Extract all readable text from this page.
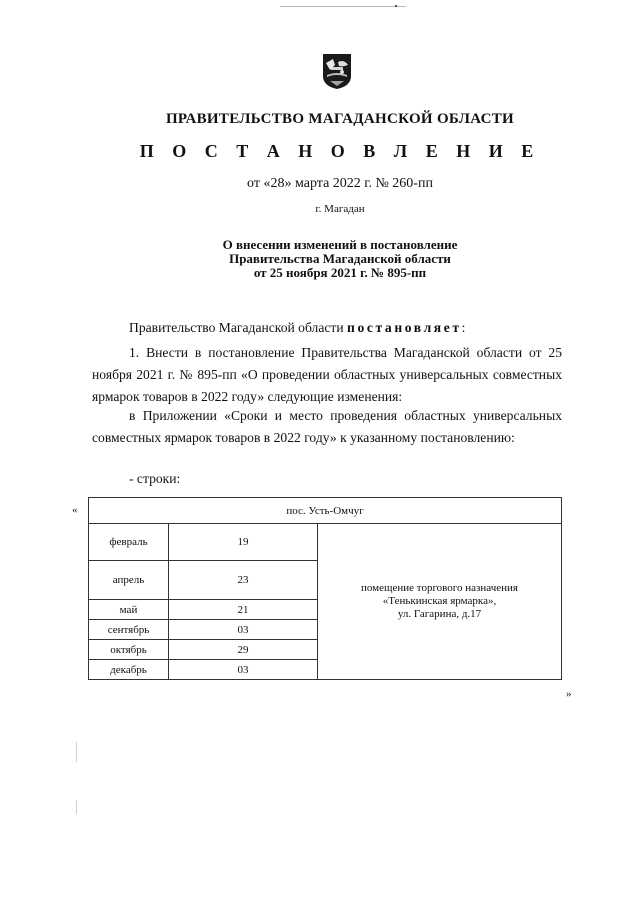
ПРАВИТЕЛЬСТВО МАГАДАНСКОЙ ОБЛАСТИ
П О С Т А Н О В Л Е Н И Е
от «28» марта 2022 г. № 260-пп
г. Магадан
О внесении изменений в постановление
Правительства Магаданской области
от 25 ноября 2021 г. № 895-пп
Правительство Магаданской области постановляет:
1. Внести в постановление Правительства Магаданской области от 25 ноября 2021 г. № 895-пп «О проведении областных универсальных совместных ярмарок товаров в 2022 году» следующие изменения:
в Приложении «Сроки и место проведения областных универсальных совместных ярмарок товаров в 2022 году» к указанному постановлению:
- строки:
«
»
пос. Усть-Омчуг		
февраль	19	помещение торгового назначения
«Тенькинская ярмарка»,
ул. Гагарина, д.17

апрель	23	
май	21	
сентябрь	03	
октябрь	29	
декабрь	03	
